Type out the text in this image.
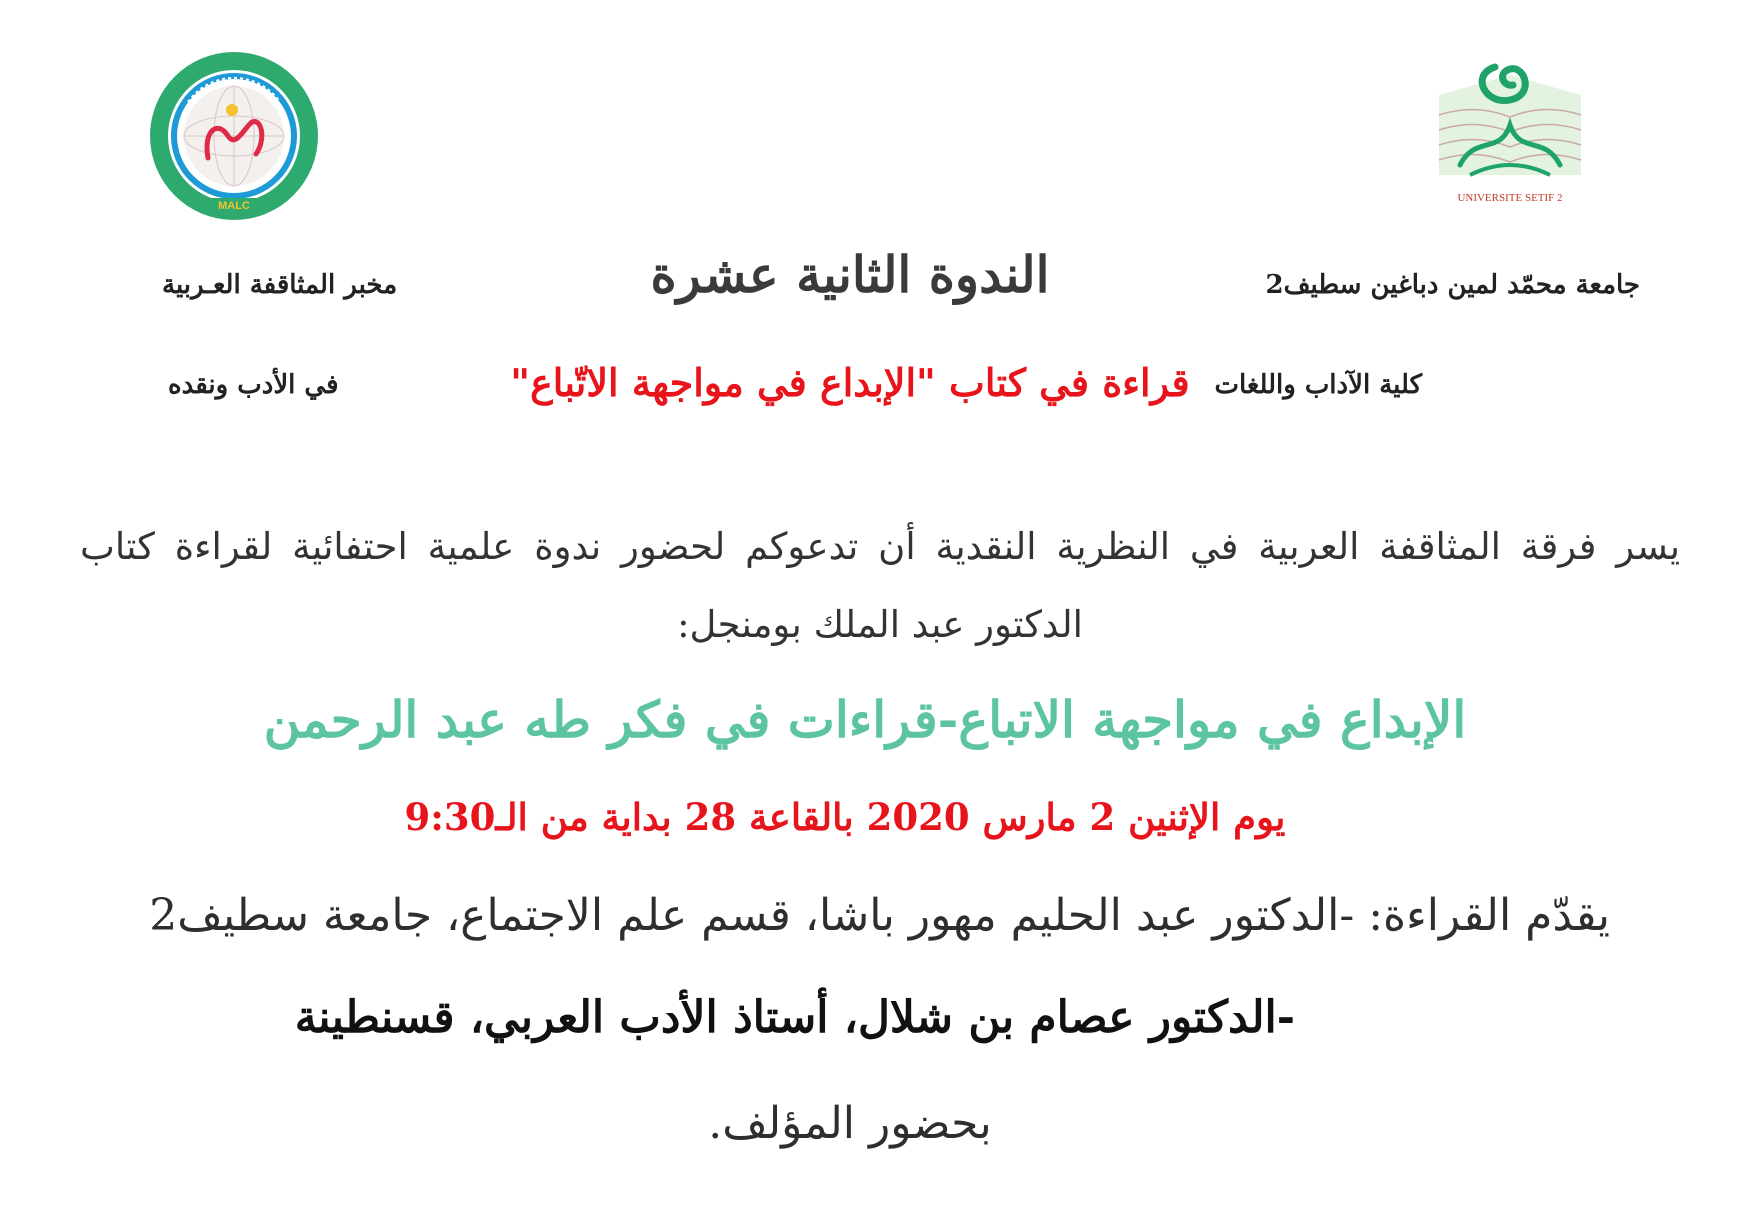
MALC
UNIVERSITE SETIF 2
جامعة محمّد لمين دباغين سطيف2
كلية الآداب واللغات
مخبر المثاقفة العـربية
في الأدب ونقده
الندوة الثانية عشرة
قراءة في كتاب "الإبداع في مواجهة الاتّباع"
يسر فرقة المثاقفة العربية في النظرية النقدية أن تدعوكم لحضور ندوة علمية احتفائية لقراءة كتاب الدكتور عبد الملك بومنجل:
الإبداع في مواجهة الاتباع-قراءات في فكر طه عبد الرحمن
يوم الإثنين 2 مارس 2020 بالقاعة 28 بداية من الـ9:30
يقدّم القراءة: -الدكتور عبد الحليم مهور باشا، قسم علم الاجتماع، جامعة سطيف2
-الدكتور عصام بن شلال، أستاذ الأدب العربي، قسنطينة
بحضور المؤلف.
